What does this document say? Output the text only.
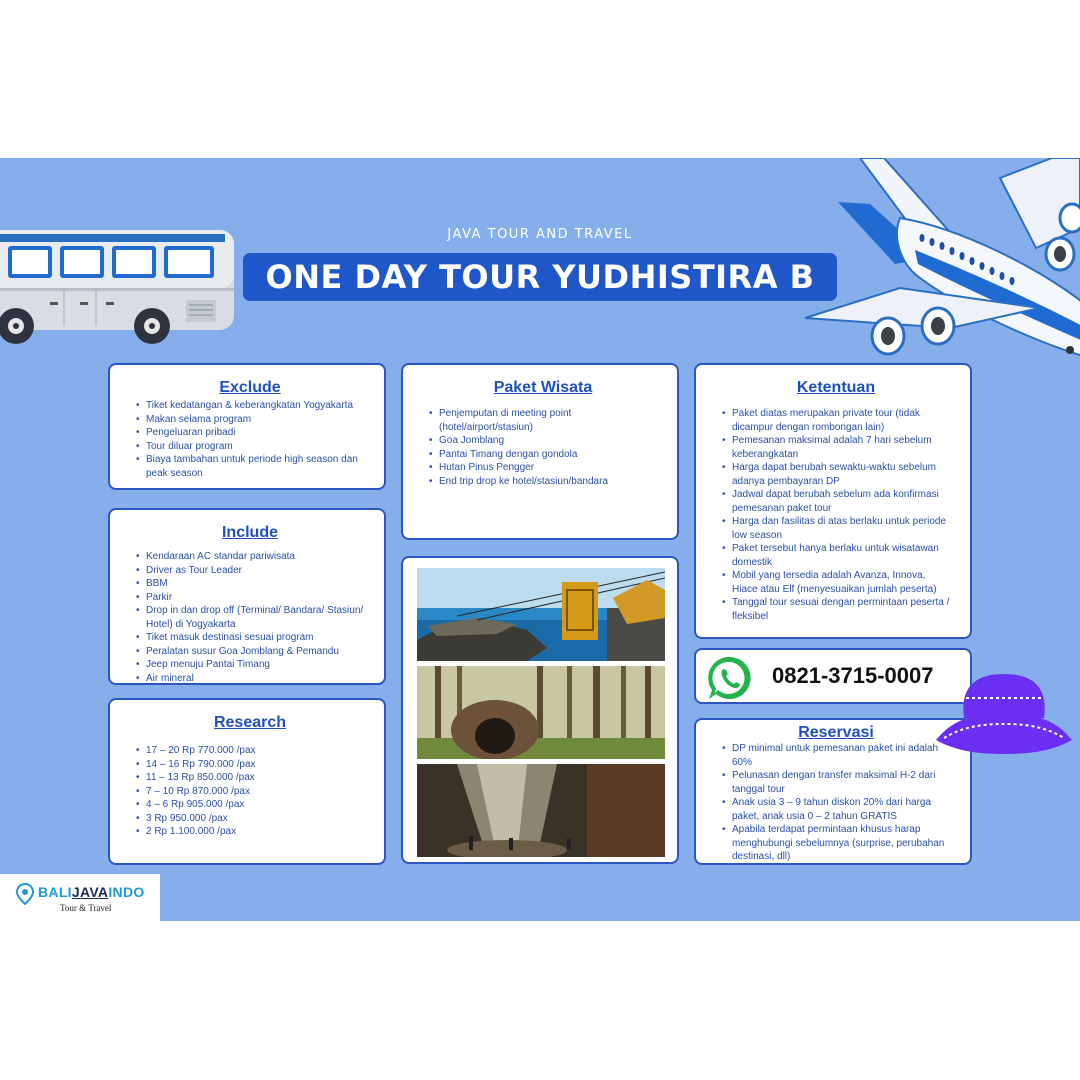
JAVA TOUR AND TRAVEL
ONE DAY TOUR YUDHISTIRA B
Exclude
• Tiket kedatangan & keberangkatan Yogyakarta
• Makan selama program
• Pengeluaran pribadi
• Tour diluar program
• Biaya tambahan untuk periode high season dan peak season
Include
• Kendaraan AC standar pariwisata
• Driver as Tour Leader
• BBM
• Parkir
• Drop in dan drop off (Terminal/ Bandara/ Stasiun/ Hotel) di Yogyakarta
• Tiket masuk destinasi sesuai program
• Peralatan susur Goa Jomblang & Pemandu
• Jeep menuju Pantai Timang
• Air mineral
Research
• 17 – 20 Rp 770.000 /pax
• 14 – 16 Rp 790.000 /pax
• 11 – 13 Rp 850.000 /pax
• 7 – 10 Rp 870.000 /pax
• 4 – 6 Rp 905.000 /pax
• 3 Rp 950.000 /pax
• 2 Rp 1.100.000 /pax
Paket Wisata
• Penjemputan di meeting point (hotel/airport/stasiun)
• Goa Jomblang
• Pantai Timang dengan gondola
• Hutan Pinus Pengger
• End trip drop ke hotel/stasiun/bandara
Ketentuan
• Paket diatas merupakan private tour (tidak dicampur dengan rombongan lain)
• Pemesanan maksimal adalah 7 hari sebelum keberangkatan
• Harga dapat berubah sewaktu-waktu sebelum adanya pembayaran DP
• Jadwal dapat berubah sebelum ada konfirmasi pemesanan paket tour
• Harga dan fasilitas di atas berlaku untuk periode low season
• Paket tersebut hanya berlaku untuk wisatawan domestik
• Mobil yang tersedia adalah Avanza, Innova, Hiace atau Elf (menyesuaikan jumlah peserta)
• Tanggal tour sesuai dengan permintaan peserta / fleksibel
0821-3715-0007
Reservasi
• DP minimal untuk pemesanan paket ini adalah 60%
• Pelunasan dengan transfer maksimal H-2 dari tanggal tour
• Anak usia 3 – 9 tahun diskon 20% dari harga paket, anak usia 0 – 2 tahun GRATIS
• Apabila terdapat permintaan khusus harap menghubungi sebelumnya (surprise, perubahan destinasi, dll)
BALIJAVAINDO
Tour & Travel
